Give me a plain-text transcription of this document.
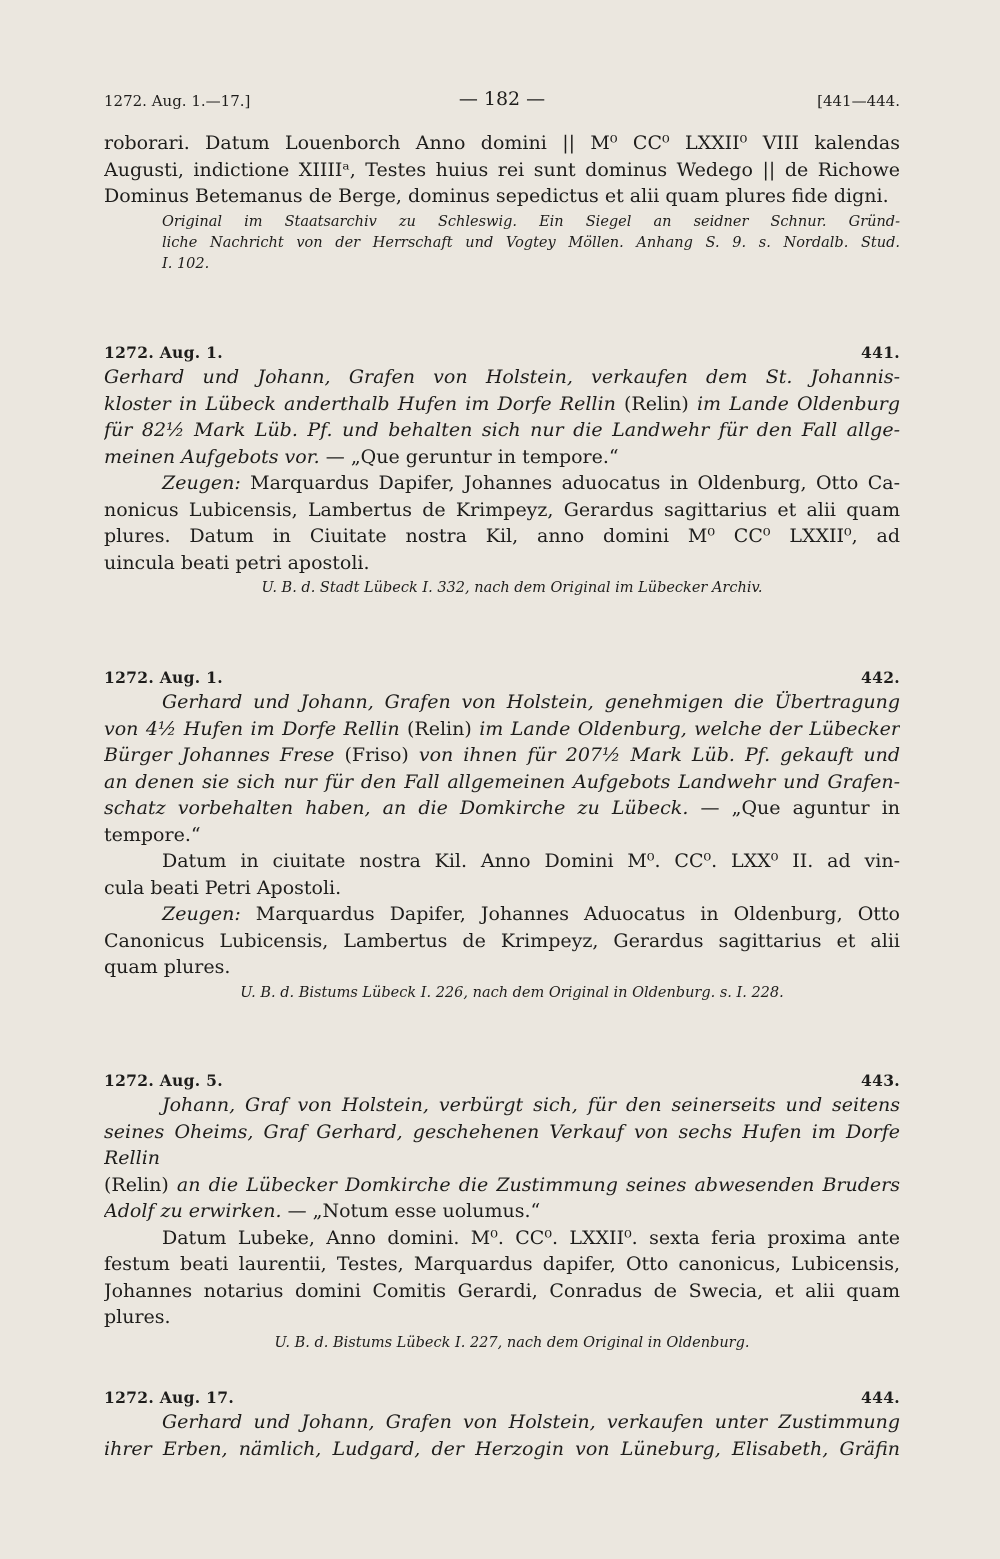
1272. Aug. 1.—17.]	— 182 —	[441—444.
roborari. Datum Louenborch Anno domini || M⁰ CC⁰ LXXII⁰ VIII kalendas
Augusti, indictione XIIIIᵃ, Testes huius rei sunt dominus Wedego || de Richowe
Dominus Betemanus de Berge, dominus sepedictus et alii quam plures fide digni.
Original im Staatsarchiv zu Schleswig. Ein Siegel an seidner Schnur. Gründ-
liche Nachricht von der Herrschaft und Vogtey Möllen. Anhang S. 9. s. Nordalb. Stud.
I. 102.
1272. Aug. 1.	441.
Gerhard und Johann, Grafen von Holstein, verkaufen dem St. Johannis-
kloster in Lübeck anderthalb Hufen im Dorfe Rellin (Relin) im Lande Oldenburg
für 82½ Mark Lüb. Pf. und behalten sich nur die Landwehr für den Fall allge-
meinen Aufgebots vor. — „Que geruntur in tempore.“
Zeugen: Marquardus Dapifer, Johannes aduocatus in Oldenburg, Otto Ca-
nonicus Lubicensis, Lambertus de Krimpeyz, Gerardus sagittarius et alii quam
plures. Datum in Ciuitate nostra Kil, anno domini M⁰ CC⁰ LXXII⁰, ad
uincula beati petri apostoli.
U. B. d. Stadt Lübeck I. 332, nach dem Original im Lübecker Archiv.
1272. Aug. 1.	442.
Gerhard und Johann, Grafen von Holstein, genehmigen die Übertragung
von 4½ Hufen im Dorfe Rellin (Relin) im Lande Oldenburg, welche der Lübecker
Bürger Johannes Frese (Friso) von ihnen für 207½ Mark Lüb. Pf. gekauft und
an denen sie sich nur für den Fall allgemeinen Aufgebots Landwehr und Grafen-
schatz vorbehalten haben, an die Domkirche zu Lübeck. — „Que aguntur in
tempore.“
Datum in ciuitate nostra Kil. Anno Domini M⁰. CC⁰. LXX⁰ II. ad vin-
cula beati Petri Apostoli.
Zeugen: Marquardus Dapifer, Johannes Aduocatus in Oldenburg, Otto
Canonicus Lubicensis, Lambertus de Krimpeyz, Gerardus sagittarius et alii
quam plures.
U. B. d. Bistums Lübeck I. 226, nach dem Original in Oldenburg. s. I. 228.
1272. Aug. 5.	443.
Johann, Graf von Holstein, verbürgt sich, für den seinerseits und seitens
seines Oheims, Graf Gerhard, geschehenen Verkauf von sechs Hufen im Dorfe Rellin
(Relin) an die Lübecker Domkirche die Zustimmung seines abwesenden Bruders
Adolf zu erwirken. — „Notum esse uolumus.“
Datum Lubeke, Anno domini. M⁰. CC⁰. LXXII⁰. sexta feria proxima ante
festum beati laurentii, Testes, Marquardus dapifer, Otto canonicus, Lubicensis,
Johannes notarius domini Comitis Gerardi, Conradus de Swecia, et alii quam
plures.
U. B. d. Bistums Lübeck I. 227, nach dem Original in Oldenburg.
1272. Aug. 17.	444.
Gerhard und Johann, Grafen von Holstein, verkaufen unter Zustimmung
ihrer Erben, nämlich, Ludgard, der Herzogin von Lüneburg, Elisabeth, Gräfin
